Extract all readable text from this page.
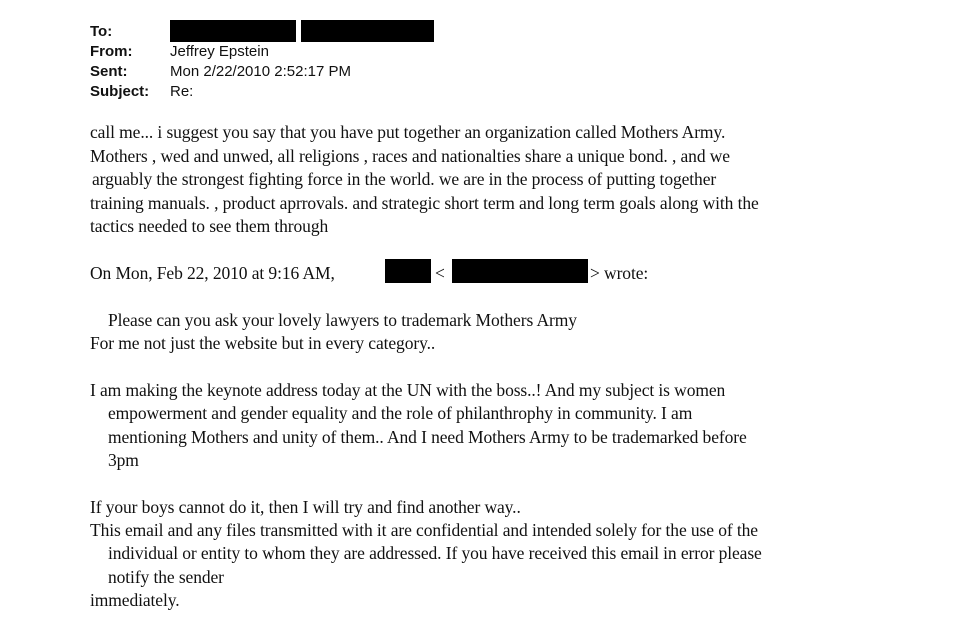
To:
From:	Jeffrey Epstein
Sent:	Mon 2/22/2010 2:52:17 PM
Subject: Re:
call me... i suggest you say that you have put together an organization called Mothers Army.
Mothers , wed and unwed, all religions , races and nationalties share a unique bond. , and we
arguably the strongest fighting force in the world. we are in the process of putting together
training manuals. , product aprrovals. and strategic short term and long term goals along with the
tactics needed to see them through
On Mon, Feb 22, 2010 at 9:16 AM,	<	> wrote:
Please can you ask your lovely lawyers to trademark Mothers Army
For me not just the website but in every category..
I am making the keynote address today at the UN with the boss..! And my subject is women
empowerment and gender equality and the role of philanthrophy in community. I am
mentioning Mothers and unity of them.. And I need Mothers Army to be trademarked before
3pm
If your boys cannot do it, then I will try and find another way..
This email and any files transmitted with it are confidential and intended solely for the use of the
individual or entity to whom they are addressed. If you have received this email in error please
notify the sender
immediately.
